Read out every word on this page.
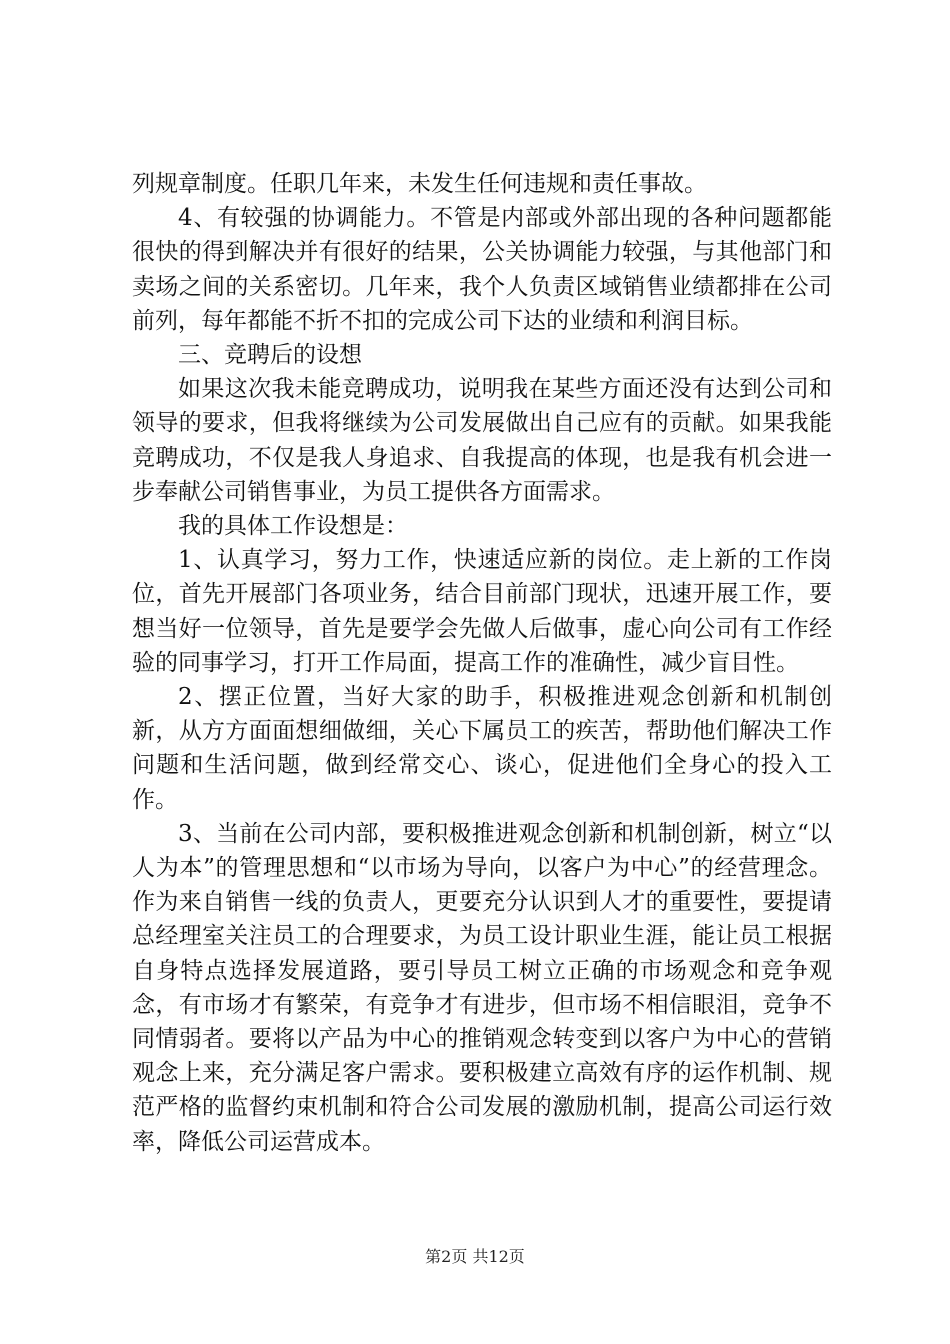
列规章制度。任职几年来，未发生任何违规和责任事故。

4、有较强的协调能力。不管是内部或外部出现的各种问题都能很快的得到解决并有很好的结果，公关协调能力较强，与其他部门和卖场之间的关系密切。几年来，我个人负责区域销售业绩都排在公司前列，每年都能不折不扣的完成公司下达的业绩和利润目标。

三、竞聘后的设想

如果这次我未能竞聘成功，说明我在某些方面还没有达到公司和领导的要求，但我将继续为公司发展做出自己应有的贡献。如果我能竞聘成功，不仅是我人身追求、自我提高的体现，也是我有机会进一步奉献公司销售事业，为员工提供各方面需求。

我的具体工作设想是：

1、认真学习，努力工作，快速适应新的岗位。走上新的工作岗位，首先开展部门各项业务，结合目前部门现状，迅速开展工作，要想当好一位领导，首先是要学会先做人后做事，虚心向公司有工作经验的同事学习，打开工作局面，提高工作的准确性，减少盲目性。

2、摆正位置，当好大家的助手，积极推进观念创新和机制创新，从方方面面想细做细，关心下属员工的疾苦，帮助他们解决工作问题和生活问题，做到经常交心、谈心，促进他们全身心的投入工作。

3、当前在公司内部，要积极推进观念创新和机制创新，树立“以人为本”的管理思想和“以市场为导向，以客户为中心”的经营理念。作为来自销售一线的负责人，更要充分认识到人才的重要性，要提请总经理室关注员工的合理要求，为员工设计职业生涯，能让员工根据自身特点选择发展道路，要引导员工树立正确的市场观念和竞争观念，有市场才有繁荣，有竞争才有进步，但市场不相信眼泪，竞争不同情弱者。要将以产品为中心的推销观念转变到以客户为中心的营销观念上来，充分满足客户需求。要积极建立高效有序的运作机制、规范严格的监督约束机制和符合公司发展的激励机制，提高公司运行效率，降低公司运营成本。

第2页 共12页
